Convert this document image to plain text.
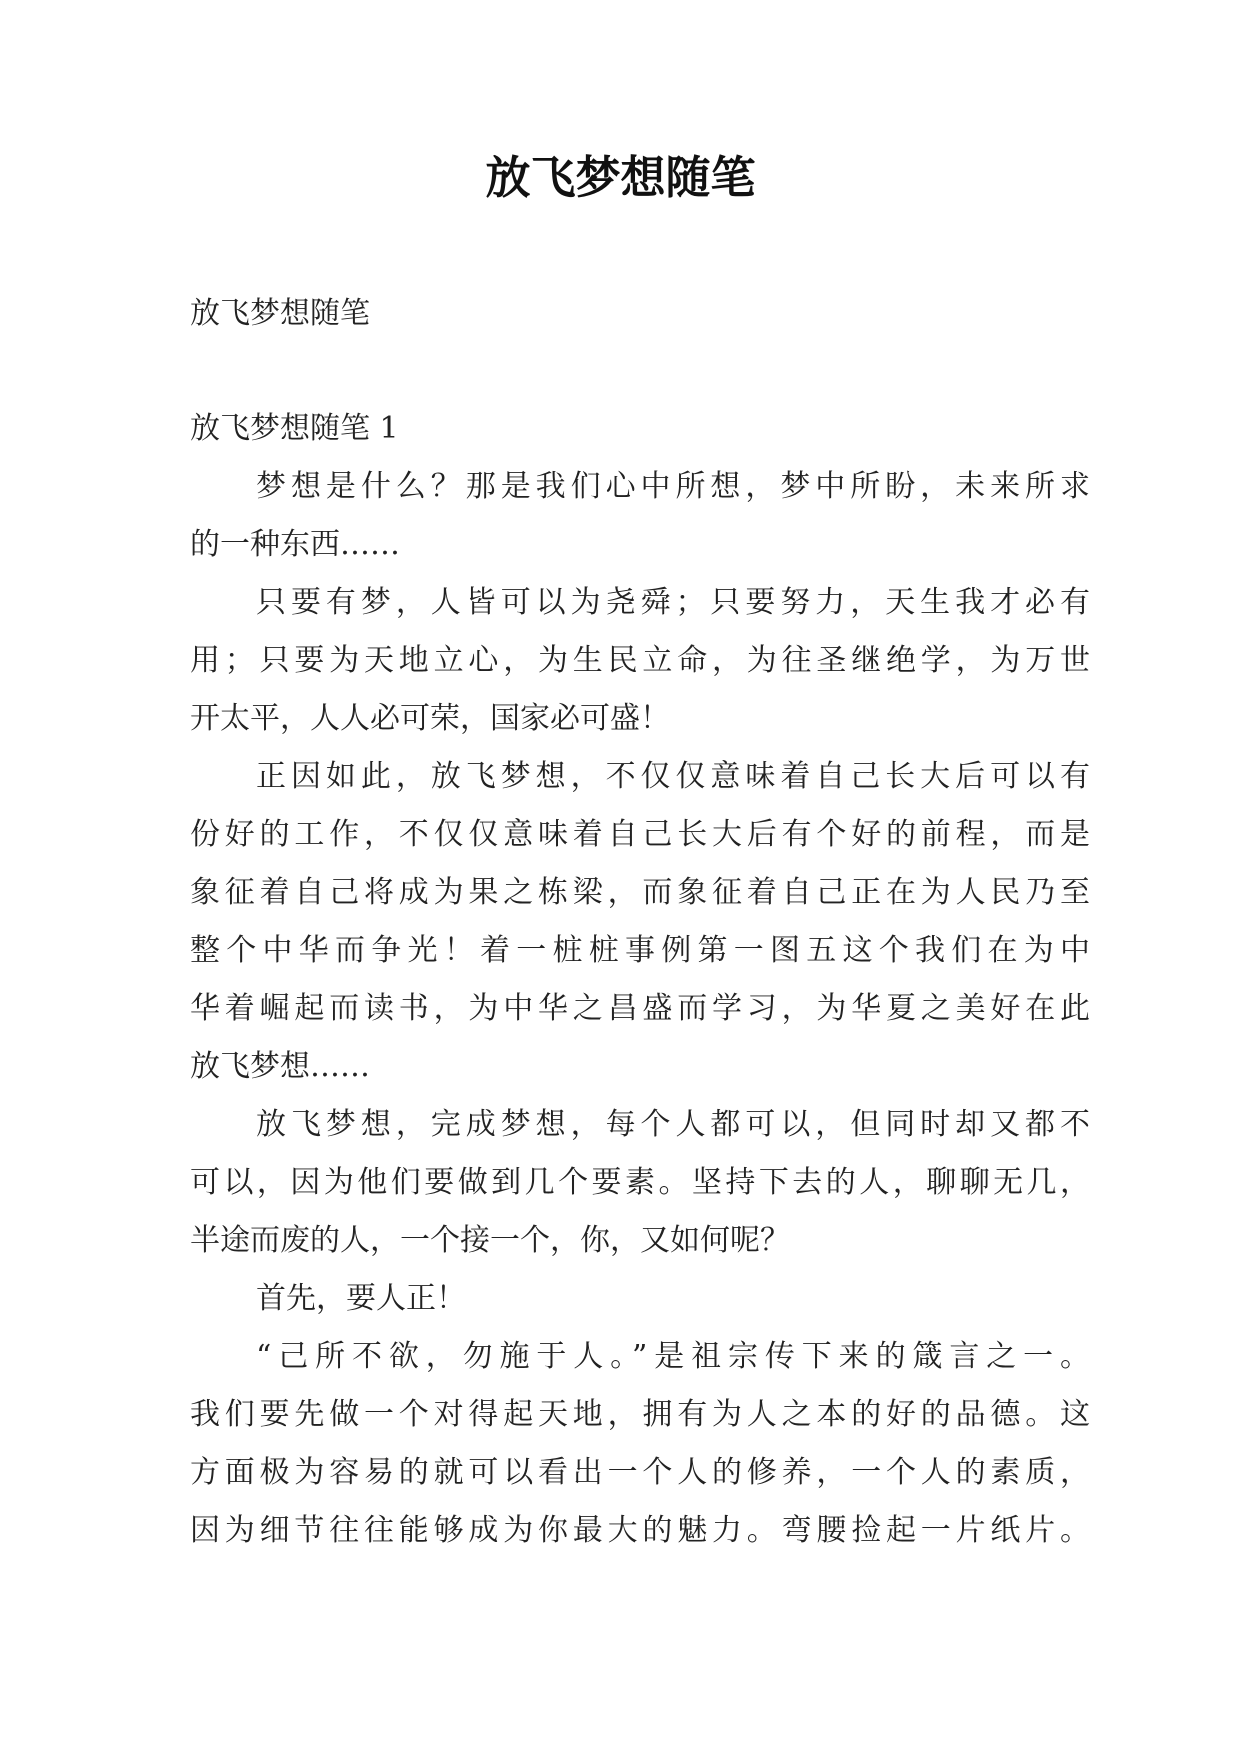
放飞梦想随笔

放飞梦想随笔

放飞梦想随笔 1

梦想是什么？那是我们心中所想，梦中所盼，未来所求

的一种东西……

只要有梦，人皆可以为尧舜；只要努力，天生我才必有

用；只要为天地立心，为生民立命，为往圣继绝学，为万世

开太平，人人必可荣，国家必可盛！

正因如此，放飞梦想，不仅仅意味着自己长大后可以有

份好的工作，不仅仅意味着自己长大后有个好的前程，而是

象征着自己将成为果之栋梁，而象征着自己正在为人民乃至

整个中华而争光！着一桩桩事例第一图五这个我们在为中

华着崛起而读书，为中华之昌盛而学习，为华夏之美好在此

放飞梦想……

放飞梦想，完成梦想，每个人都可以，但同时却又都不

可以，因为他们要做到几个要素。坚持下去的人，聊聊无几，

半途而废的人，一个接一个，你，又如何呢？

首先，要人正！

“己所不欲，勿施于人。”是祖宗传下来的箴言之一。

我们要先做一个对得起天地，拥有为人之本的好的品德。这

方面极为容易的就可以看出一个人的修养，一个人的素质，

因为细节往往能够成为你最大的魅力。弯腰捡起一片纸片。
